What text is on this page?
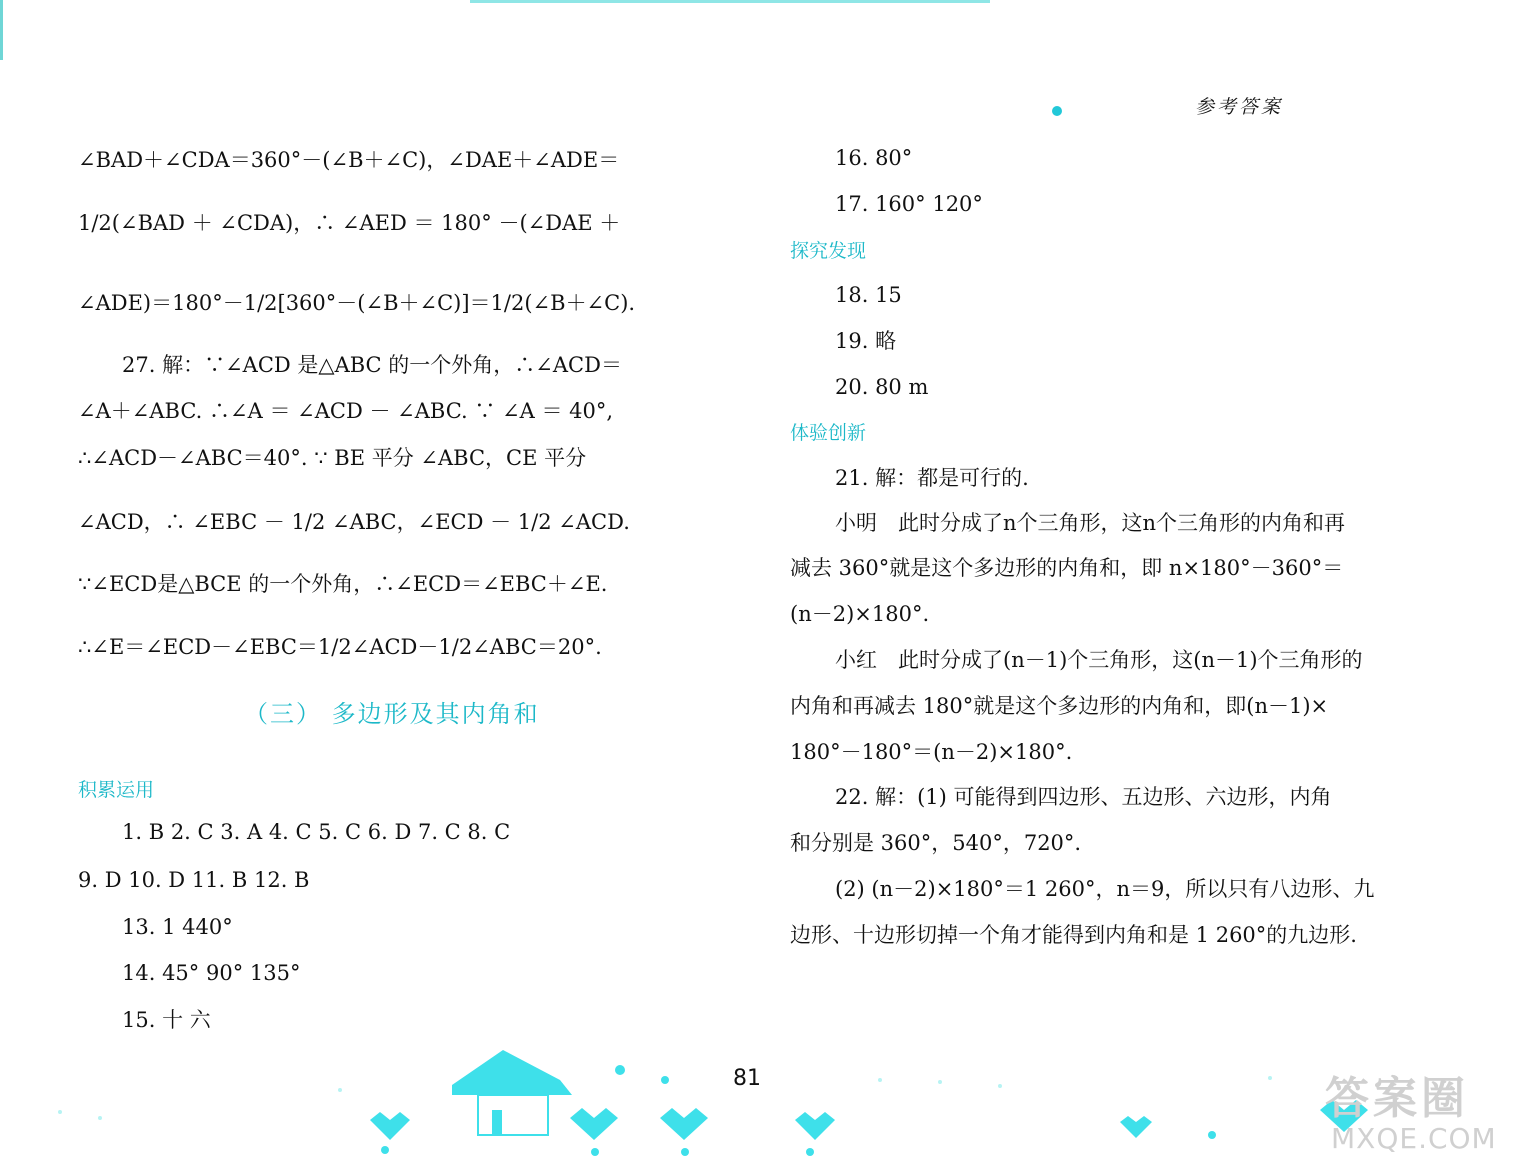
参考答案
∠BAD＋∠CDA＝360°－(∠B＋∠C)，∠DAE＋∠ADE＝
1/2(∠BAD ＋ ∠CDA)，∴ ∠AED ＝ 180° －(∠DAE ＋
∠ADE)＝180°－1/2[360°－(∠B＋∠C)]＝1/2(∠B＋∠C).
27. 解：∵∠ACD 是△ABC 的一个外角，∴∠ACD＝
∠A＋∠ABC. ∴∠A ＝ ∠ACD － ∠ABC. ∵ ∠A ＝ 40°,
∴∠ACD－∠ABC＝40°. ∵ BE 平分 ∠ABC，CE 平分
∠ACD，∴ ∠EBC － 1/2 ∠ABC，∠ECD － 1/2 ∠ACD.
∵∠ECD是△BCE 的一个外角，∴∠ECD＝∠EBC＋∠E.
∴∠E＝∠ECD－∠EBC＝1/2∠ACD－1/2∠ABC＝20°.
（三） 多边形及其内角和
积累运用
1. B 2. C 3. A 4. C 5. C 6. D 7. C 8. C
9. D 10. D 11. B 12. B
13. 1 440°
14. 45° 90° 135°
15. 十 六
16. 80°
17. 160° 120°
探究发现
18. 15
19. 略
20. 80 m
体验创新
21. 解：都是可行的.
小明　此时分成了n个三角形，这n个三角形的内角和再
减去 360°就是这个多边形的内角和，即 n×180°－360°＝
(n－2)×180°.
小红　此时分成了(n－1)个三角形，这(n－1)个三角形的
内角和再减去 180°就是这个多边形的内角和，即(n－1)×
180°－180°＝(n－2)×180°.
22. 解：(1) 可能得到四边形、五边形、六边形，内角
和分别是 360°，540°，720°.
(2) (n－2)×180°＝1 260°，n＝9，所以只有八边形、九
边形、十边形切掉一个角才能得到内角和是 1 260°的九边形.
81	答案圈
MXQE.COM
